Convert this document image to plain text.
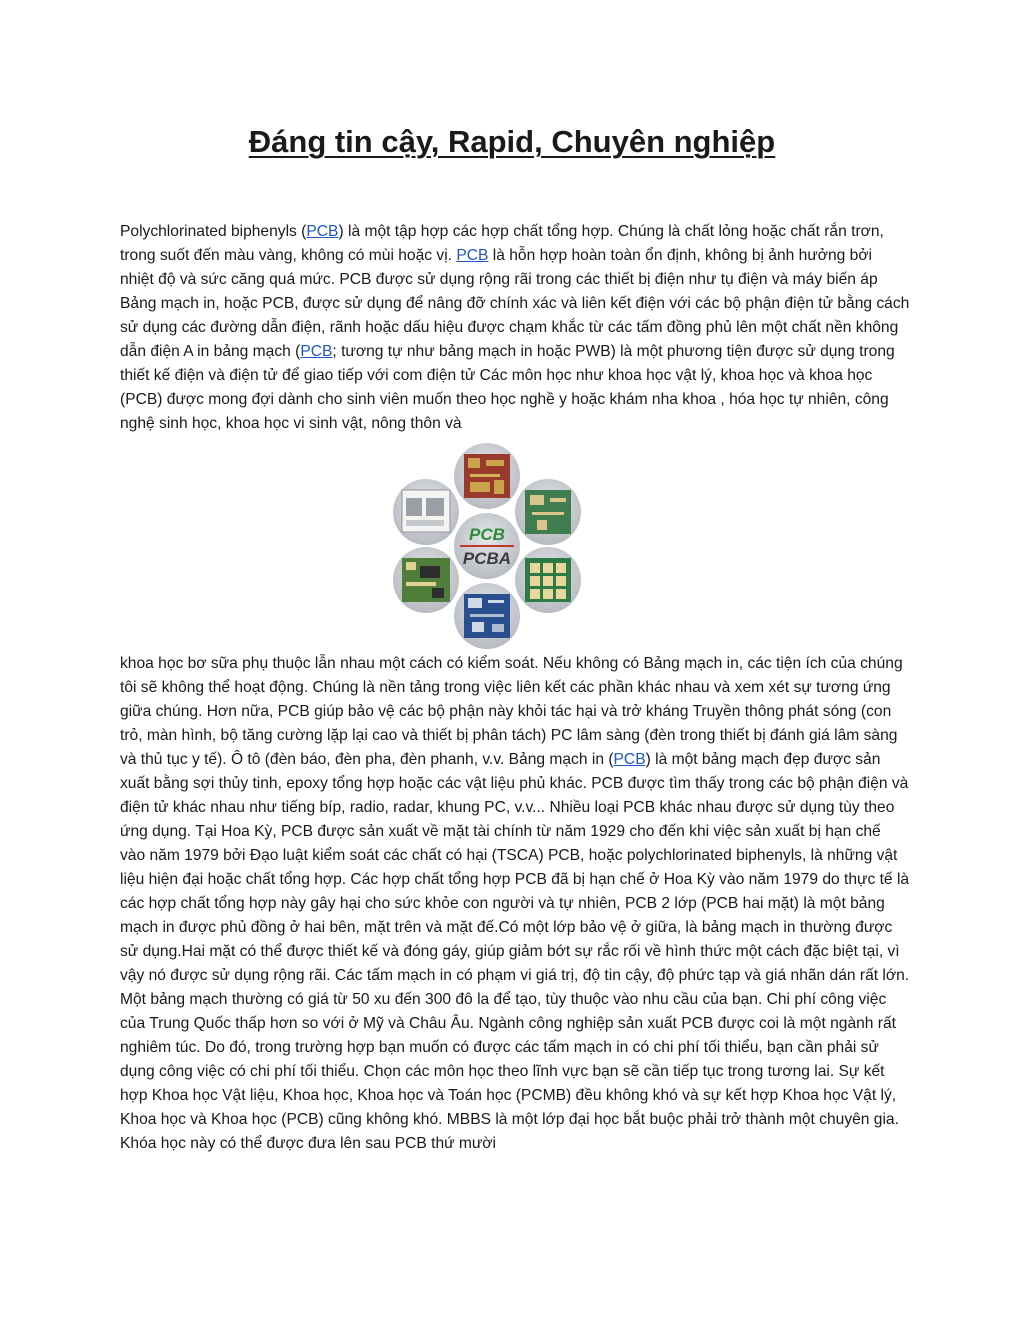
Đáng tin cậy, Rapid, Chuyên nghiệp

Polychlorinated biphenyls (PCB) là một tập hợp các hợp chất tổng hợp. Chúng là chất lỏng hoặc chất rắn trơn, trong suốt đến màu vàng, không có mùi hoặc vị. PCB là hỗn hợp hoàn toàn ổn định, không bị ảnh hưởng bởi nhiệt độ và sức căng quá mức. PCB được sử dụng rộng rãi trong các thiết bị điện như tụ điện và máy biến áp Bảng mạch in, hoặc PCB, được sử dụng để nâng đỡ chính xác và liên kết điện với các bộ phận điện tử bằng cách sử dụng các đường dẫn điện, rãnh hoặc dấu hiệu được chạm khắc từ các tấm đồng phủ lên một chất nền không dẫn điện A in bảng mạch (PCB; tương tự như bảng mạch in hoặc PWB) là một phương tiện được sử dụng trong thiết kế điện và điện tử để giao tiếp với com điện tử Các môn học như khoa học vật lý, khoa học và khoa học (PCB) được mong đợi dành cho sinh viên muốn theo học nghề y hoặc khám nha khoa , hóa học tự nhiên, công nghệ sinh học, khoa học vi sinh vật, nông thôn và

PCB
PCBA

khoa học bơ sữa phụ thuộc lẫn nhau một cách có kiểm soát. Nếu không có Bảng mạch in, các tiện ích của chúng tôi sẽ không thể hoạt động. Chúng là nền tảng trong việc liên kết các phần khác nhau và xem xét sự tương ứng giữa chúng. Hơn nữa, PCB giúp bảo vệ các bộ phận này khỏi tác hại và trở kháng Truyền thông phát sóng (con trỏ, màn hình, bộ tăng cường lặp lại cao và thiết bị phân tách) PC lâm sàng (đèn trong thiết bị đánh giá lâm sàng và thủ tục y tế). Ô tô (đèn báo, đèn pha, đèn phanh, v.v. Bảng mạch in (PCB) là một bảng mạch đẹp được sản xuất bằng sợi thủy tinh, epoxy tổng hợp hoặc các vật liệu phủ khác. PCB được tìm thấy trong các bộ phận điện và điện tử khác nhau như tiếng bíp, radio, radar, khung PC, v.v... Nhiều loại PCB khác nhau được sử dụng tùy theo ứng dụng. Tại Hoa Kỳ, PCB được sản xuất về mặt tài chính từ năm 1929 cho đến khi việc sản xuất bị hạn chế vào năm 1979 bởi Đạo luật kiểm soát các chất có hại (TSCA) PCB, hoặc polychlorinated biphenyls, là những vật liệu hiện đại hoặc chất tổng hợp. Các hợp chất tổng hợp PCB đã bị hạn chế ở Hoa Kỳ vào năm 1979 do thực tế là các hợp chất tổng hợp này gây hại cho sức khỏe con người và tự nhiên, PCB 2 lớp (PCB hai mặt) là một bảng mạch in được phủ đồng ở hai bên, mặt trên và mặt đế.Có một lớp bảo vệ ở giữa, là bảng mạch in thường được sử dụng.Hai mặt có thể được thiết kế và đóng gáy, giúp giảm bớt sự rắc rối về hình thức một cách đặc biệt tại, vì vậy nó được sử dụng rộng rãi. Các tấm mạch in có phạm vi giá trị, độ tin cậy, độ phức tạp và giá nhãn dán rất lớn. Một bảng mạch thường có giá từ 50 xu đến 300 đô la để tạo, tùy thuộc vào nhu cầu của bạn. Chi phí công việc của Trung Quốc thấp hơn so với ở Mỹ và Châu Âu. Ngành công nghiệp sản xuất PCB được coi là một ngành rất nghiêm túc. Do đó, trong trường hợp bạn muốn có được các tấm mạch in có chi phí tối thiểu, bạn cần phải sử dụng công việc có chi phí tối thiểu. Chọn các môn học theo lĩnh vực bạn sẽ cần tiếp tục trong tương lai. Sự kết hợp Khoa học Vật liệu, Khoa học, Khoa học và Toán học (PCMB) đều không khó và sự kết hợp Khoa học Vật lý, Khoa học và Khoa học (PCB) cũng không khó. MBBS là một lớp đại học bắt buộc phải trở thành một chuyên gia. Khóa học này có thể được đưa lên sau PCB thứ mười
